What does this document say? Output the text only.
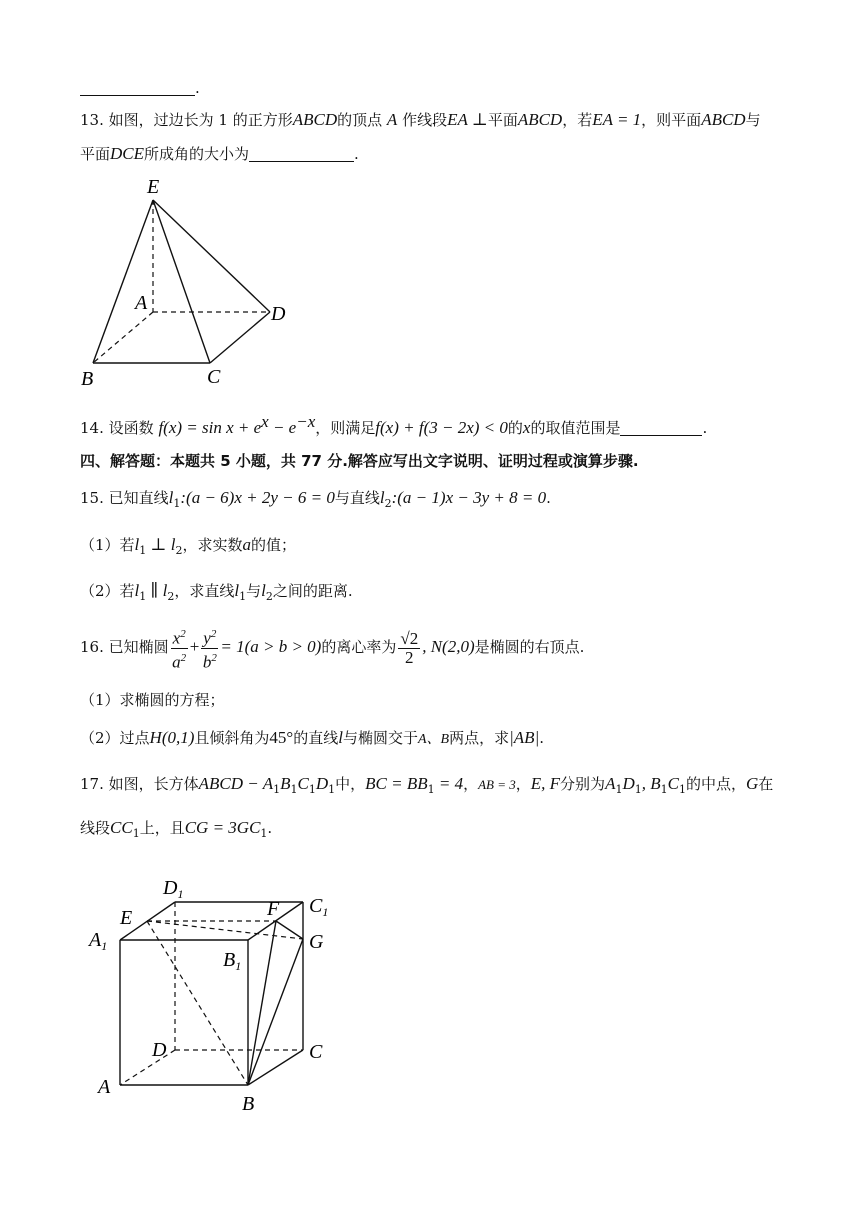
.
13. 如图，过边长为 1 的正方形ABCD的顶点 A 作线段EA ⊥平面ABCD，若EA = 1，则平面ABCD与
平面DCE所成角的大小为	.
E
A	D
B	C
14. 设函数 $f(x) = \sin x + e^x - e^{-x}$，则满足f(x) + f(3 − 2x) < 0的x的取值范围是	.
四、解答题：本题共 5 小题，共 77 分.解答应写出文字说明、证明过程或演算步骤.
15. 已知直线$l_1:(a - 6)x + 2y - 6 = 0$与直线$l_2:(a - 1)x - 3y + 8 = 0$.
（1）若$l_1$ ⊥ $l_2$，求实数a的值；
（2）若$l_1$ ∥ $l_2$，求直线$l_1$与$l_2$之间的距离.
16. 已知椭圆 $\frac{x^2}{a^2} + \frac{y^2}{b^2} = 1(a > b > 0)$的离心率为 $\frac{√2}{2}$ , N(2,0)是椭圆的右顶点.
（1）求椭圆的方程；
（2）过点H(0,1)且倾斜角为45°的直线l与椭圆交于A、B两点，求|AB|.
17. 如图，长方体ABCD − $A_1B_1C_1D_1$中，BC = $BB_1 = 4$，AB = 3，E, F分别为$A_1D_1$, $B_1C_1$的中点，G在
线段$CC_1$上，且CG = $3GC_1$.
$D_1$
$C_1$
$A_1$
E	F
G
$B_1$
D	C
A
B
